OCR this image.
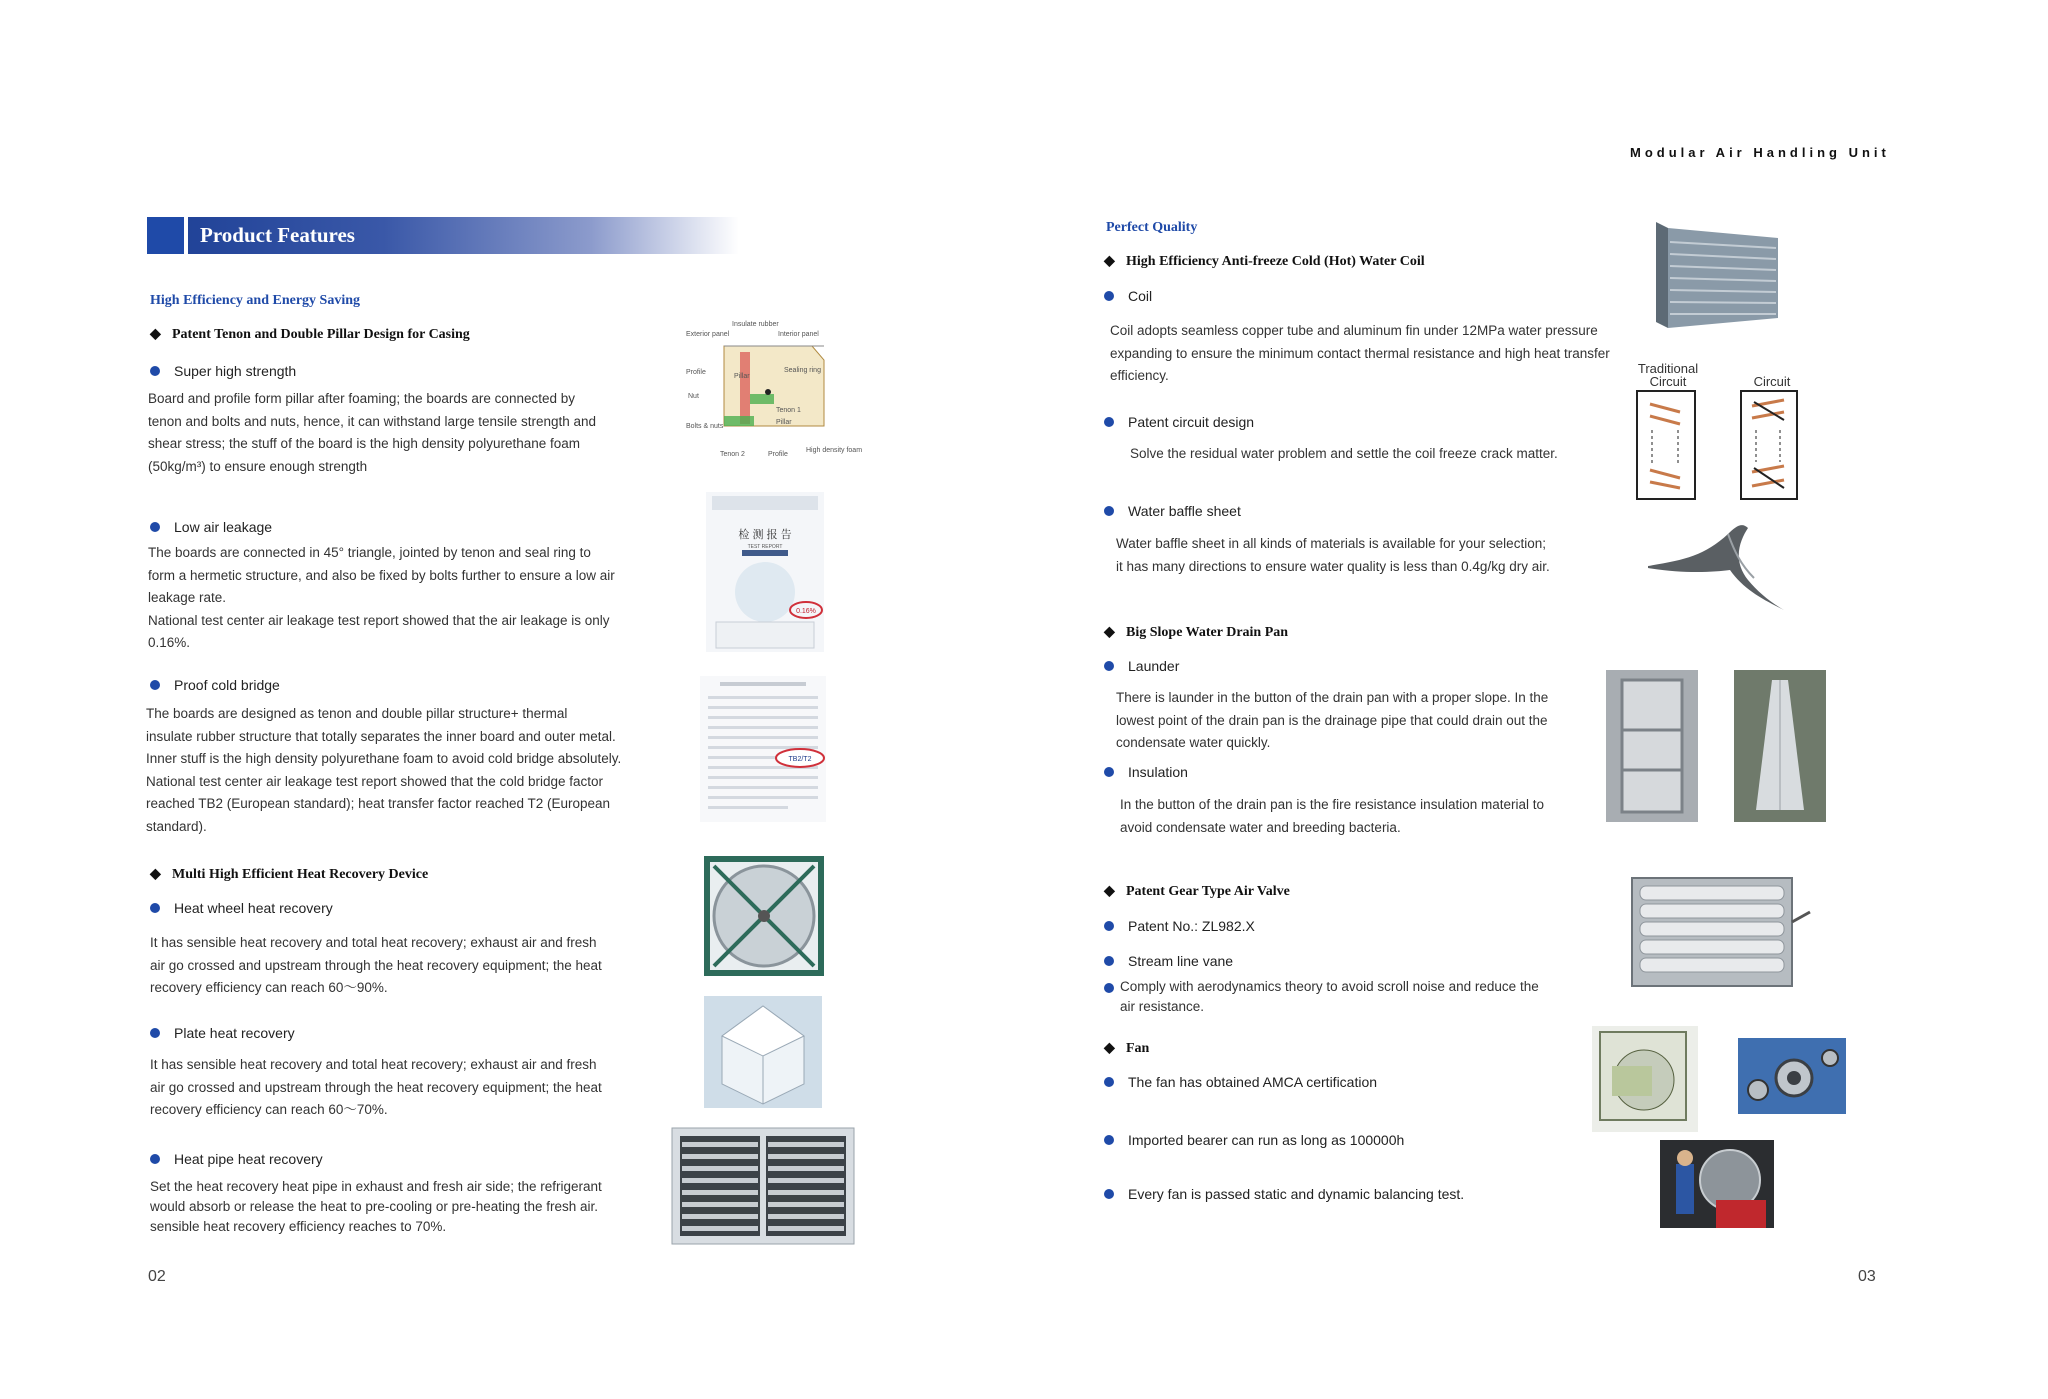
Modular Air Handling Unit
Product Features
High Efficiency and Energy Saving
◆ Patent Tenon and Double Pillar Design for Casing
Insulate rubber
Exterior panel	Interior panel
Profile	Sealing ring
Pillar
Nut
Tenon 1
Bolts & nuts
Pillar
Tenon 2	Profile
High density foam
Super high strength
Board and profile form pillar after foaming; the boards are connected by
tenon and bolts and nuts, hence, it can withstand large tensile strength and
shear stress; the stuff of the board is the high density polyurethane foam
(50kg/m³) to ensure enough strength
检 测 报 告
TEST REPORT
0.16%
Low air leakage
The boards are connected in 45° triangle, jointed by tenon and seal ring to
form a hermetic structure, and also be fixed by bolts further to ensure a low air
leakage rate.
National test center air leakage test report showed that the air leakage is only
0.16%.
TB2/T2
Proof cold bridge
The boards are designed as tenon and double pillar structure+ thermal
insulate rubber structure that totally separates the inner board and outer metal.
Inner stuff is the high density polyurethane foam to avoid cold bridge absolutely.
National test center air leakage test report showed that the cold bridge factor
reached TB2 (European standard); heat transfer factor reached T2 (European
standard).
◆ Multi High Efficient Heat Recovery Device
Heat wheel heat recovery
It has sensible heat recovery and total heat recovery; exhaust air and fresh
air go crossed and upstream through the heat recovery equipment; the heat
recovery efficiency can reach 60～90%.
Plate heat recovery
It has sensible heat recovery and total heat recovery; exhaust air and fresh
air go crossed and upstream through the heat recovery equipment; the heat
recovery efficiency can reach 60～70%.
Heat pipe heat recovery
Set the heat recovery heat pipe in exhaust and fresh air side; the refrigerant
would absorb or release the heat to pre-cooling or pre-heating the fresh air.
sensible heat recovery efficiency reaches to 70%.
02
Perfect Quality
◆ High Efficiency Anti-freeze Cold (Hot) Water Coil
Coil
Coil adopts seamless copper tube and aluminum fin under 12MPa water pressure
expanding to ensure the minimum contact thermal resistance and high heat transfer
efficiency.	Traditional
Circuit	Circuit
Patent circuit design
Solve the residual water problem and settle the coil freeze crack matter.
Water baffle sheet
Water baffle sheet in all kinds of materials is available for your selection;
it has many directions to ensure water quality is less than 0.4g/kg dry air.
◆ Big Slope Water Drain Pan
Launder
There is launder in the button of the drain pan with a proper slope. In the
lowest point of the drain pan is the drainage pipe that could drain out the
condensate water quickly.
Insulation
In the button of the drain pan is the fire resistance insulation material to
avoid condensate water and breeding bacteria.
◆ Patent Gear Type Air Valve
Patent No.: ZL982.X
Stream line vane
Comply with aerodynamics theory to avoid scroll noise and reduce the
air resistance.
◆ Fan
The fan has obtained AMCA certification
Imported bearer can run as long as 100000h
Every fan is passed static and dynamic balancing test.
03
